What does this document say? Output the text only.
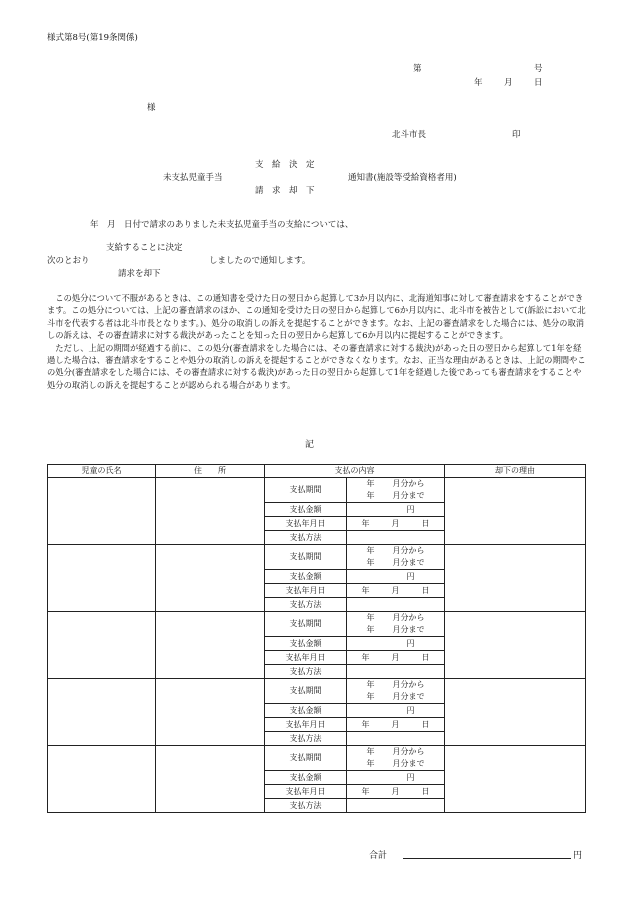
様式第8号(第19条関係)
第	号
年	月	日
様
北斗市長	印
支　給　決　定
未支払児童手当	通知書(施設等受給資格者用)
請　求　却　下
年　月　日付で請求のありました未支払児童手当の支給については、
支給することに決定
次のとおり	しましたので通知します。
請求を却下

この処分について不服があるときは、この通知書を受けた日の翌日から起算して3か月以内に、北海道知事に対して審査請求をすることができます。この処分については、上記の審査請求のほか、この通知を受けた日の翌日から起算して6か月以内に、北斗市を被告として(訴訟において北斗市を代表する者は北斗市長となります。)、処分の取消しの訴えを提起することができます。なお、上記の審査請求をした場合には、処分の取消しの訴えは、その審査請求に対する裁決があったことを知った日の翌日から起算して6か月以内に提起することができます。

ただし、上記の期間が経過する前に、この処分(審査請求をした場合には、その審査請求に対する裁決)があった日の翌日から起算して1年を経過した場合は、審査請求をすることや処分の取消しの訴えを提起することができなくなります。なお、正当な理由があるときは、上記の期間やこの処分(審査請求をした場合には、その審査請求に対する裁決)があった日の翌日から起算して1年を経過した後であっても審査請求をすることや処分の取消しの訴えを提起することが認められる場合があります。

記
児童の氏名	住　　所	支払の内容		却下の理由
		支払期間	年 月分から
年 月分まで	

		支払金額	円	
		支払年月日	年 月 日	

		支払方法		
		支払期間	年 月分から
年 月分まで	

		支払金額	円	
		支払年月日	年 月 日	

		支払方法		
		支払期間	年 月分から
年 月分まで	

		支払金額	円	
		支払年月日	年 月 日	

		支払方法		
		支払期間	年 月分から
年 月分まで	

		支払金額	円	
		支払年月日	年 月 日	

		支払方法		
		支払期間	年 月分から
年 月分まで	

		支払金額	円	
		支払年月日	年 月 日	

		支払方法		
合計	円
